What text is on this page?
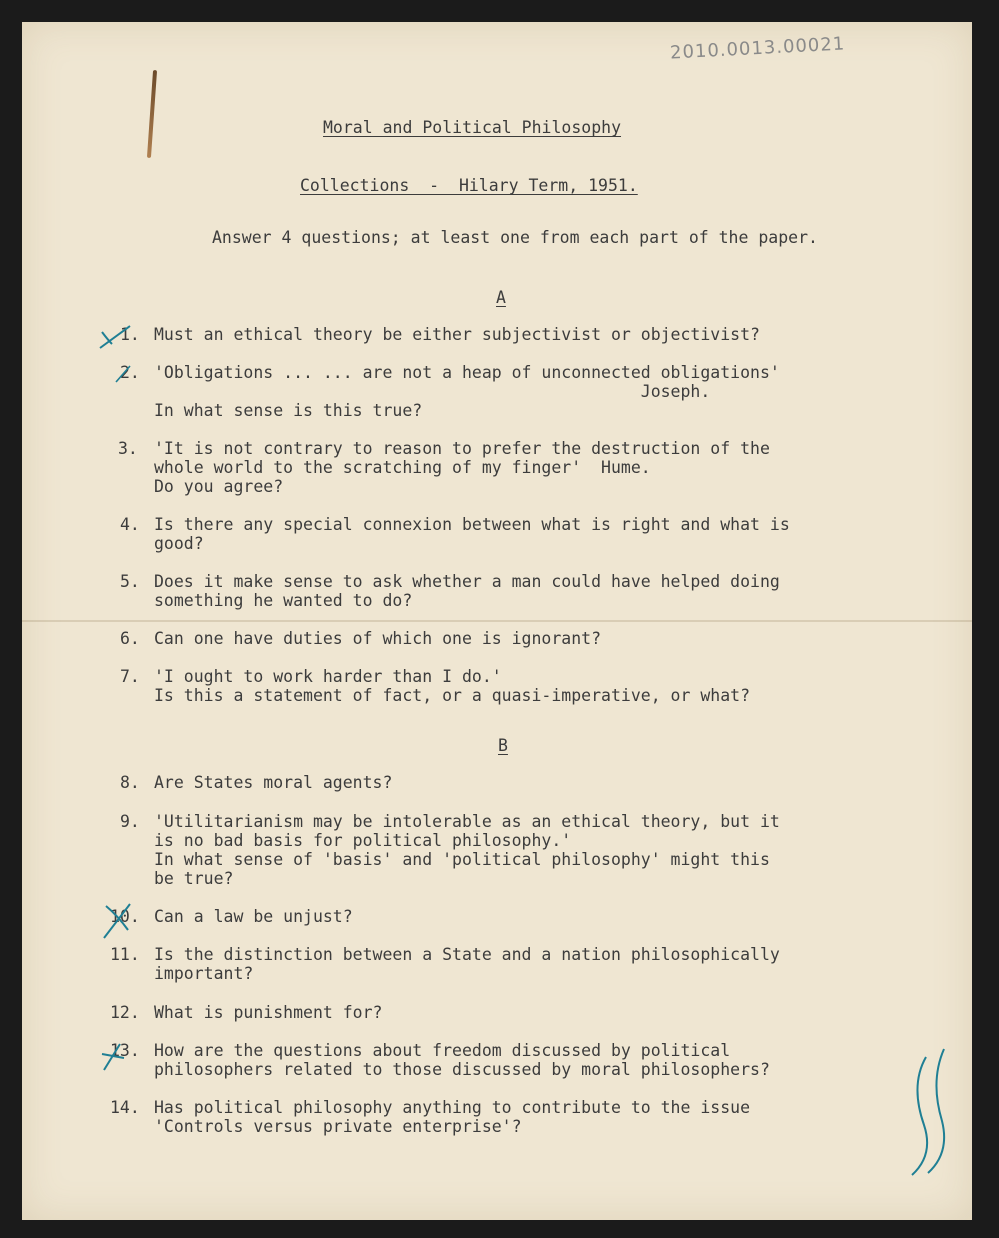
2010.0013.00021

Moral and Political Philosophy

Collections  -  Hilary Term, 1951.

Answer 4 questions; at least one from each part of the paper.

A

1. Must an ethical theory be either subjectivist or objectivist?

2. 'Obligations ... ... are not a heap of unconnected obligations'

Joseph.

In what sense is this true?

3. 'It is not contrary to reason to prefer the destruction of the

whole world to the scratching of my finger'  Hume.

Do you agree?

4. Is there any special connexion between what is right and what is

good?

5. Does it make sense to ask whether a man could have helped doing

something he wanted to do?

6. Can one have duties of which one is ignorant?

7. 'I ought to work harder than I do.'

Is this a statement of fact, or a quasi-imperative, or what?

B

8. Are States moral agents?

9. 'Utilitarianism may be intolerable as an ethical theory, but it

is no bad basis for political philosophy.'

In what sense of 'basis' and 'political philosophy' might this

be true?

10. Can a law be unjust?

11. Is the distinction between a State and a nation philosophically

important?

12. What is punishment for?

13. How are the questions about freedom discussed by political

philosophers related to those discussed by moral philosophers?

14. Has political philosophy anything to contribute to the issue

'Controls versus private enterprise'?
